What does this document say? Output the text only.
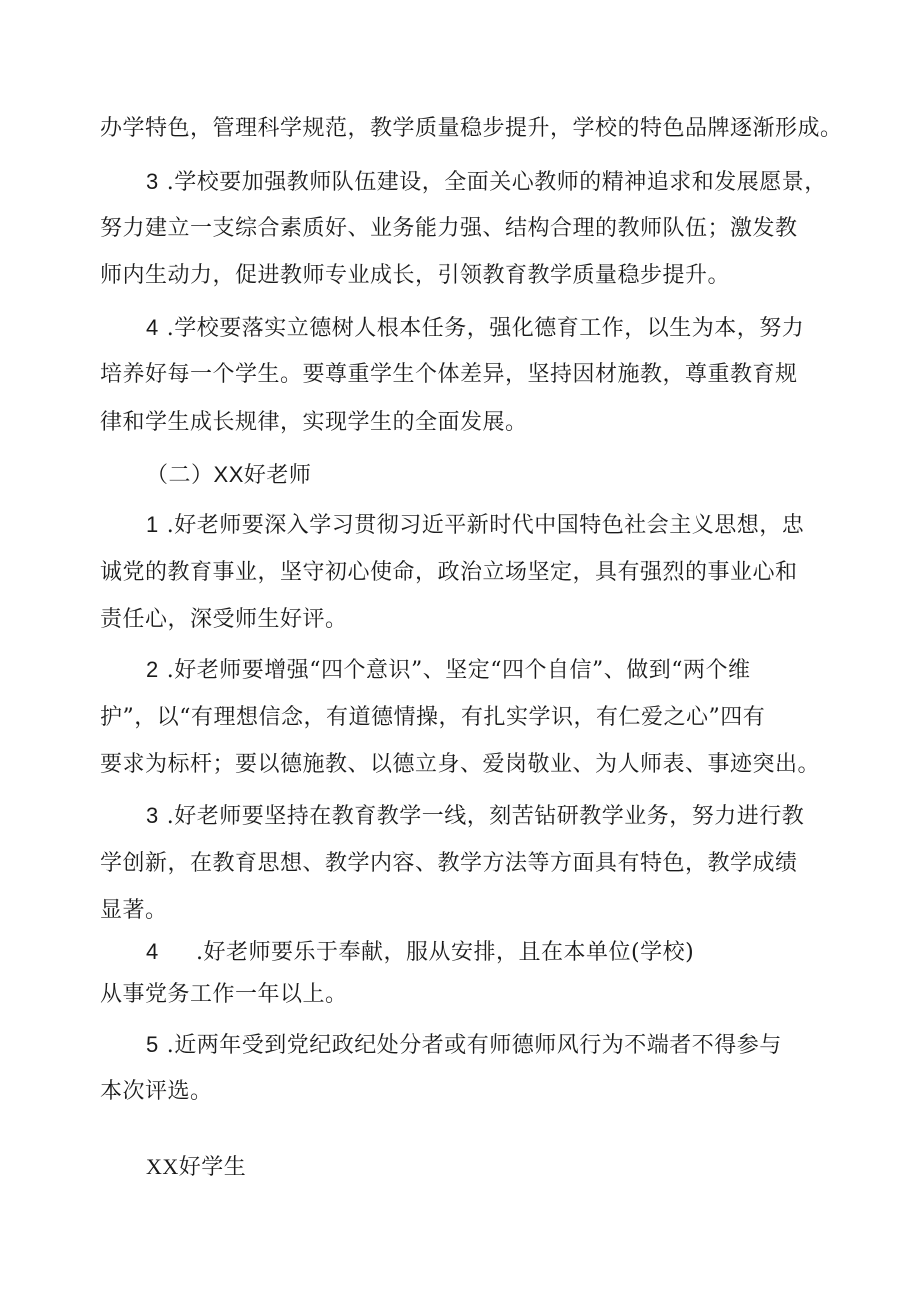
办学特色，管理科学规范，教学质量稳步提升，学校的特色品牌逐渐形成。
3 .学校要加强教师队伍建设，全面关心教师的精神追求和发展愿景，
努力建立一支综合素质好、业务能力强、结构合理的教师队伍；激发教
师内生动力，促进教师专业成长，引领教育教学质量稳步提升。
4 .学校要落实立德树人根本任务，强化德育工作，以生为本，努力
培养好每一个学生。要尊重学生个体差异，坚持因材施教，尊重教育规
律和学生成长规律，实现学生的全面发展。
（二）XX好老师
1 .好老师要深入学习贯彻习近平新时代中国特色社会主义思想，忠
诚党的教育事业，坚守初心使命，政治立场坚定，具有强烈的事业心和
责任心，深受师生好评。
2 .好老师要增强“四个意识”、坚定“四个自信”、做到“两个维
护”，以“有理想信念，有道德情操，有扎实学识，有仁爱之心”四有
要求为标杆；要以德施教、以德立身、爱岗敬业、为人师表、事迹突出。
3 .好老师要坚持在教育教学一线，刻苦钻研教学业务，努力进行教
学创新，在教育思想、教学内容、教学方法等方面具有特色，教学成绩
显著。
4 .好老师要乐于奉献，服从安排，且在本单位(学校)
从事党务工作一年以上。
5 .近两年受到党纪政纪处分者或有师德师风行为不端者不得参与
本次评选。
XX好学生
